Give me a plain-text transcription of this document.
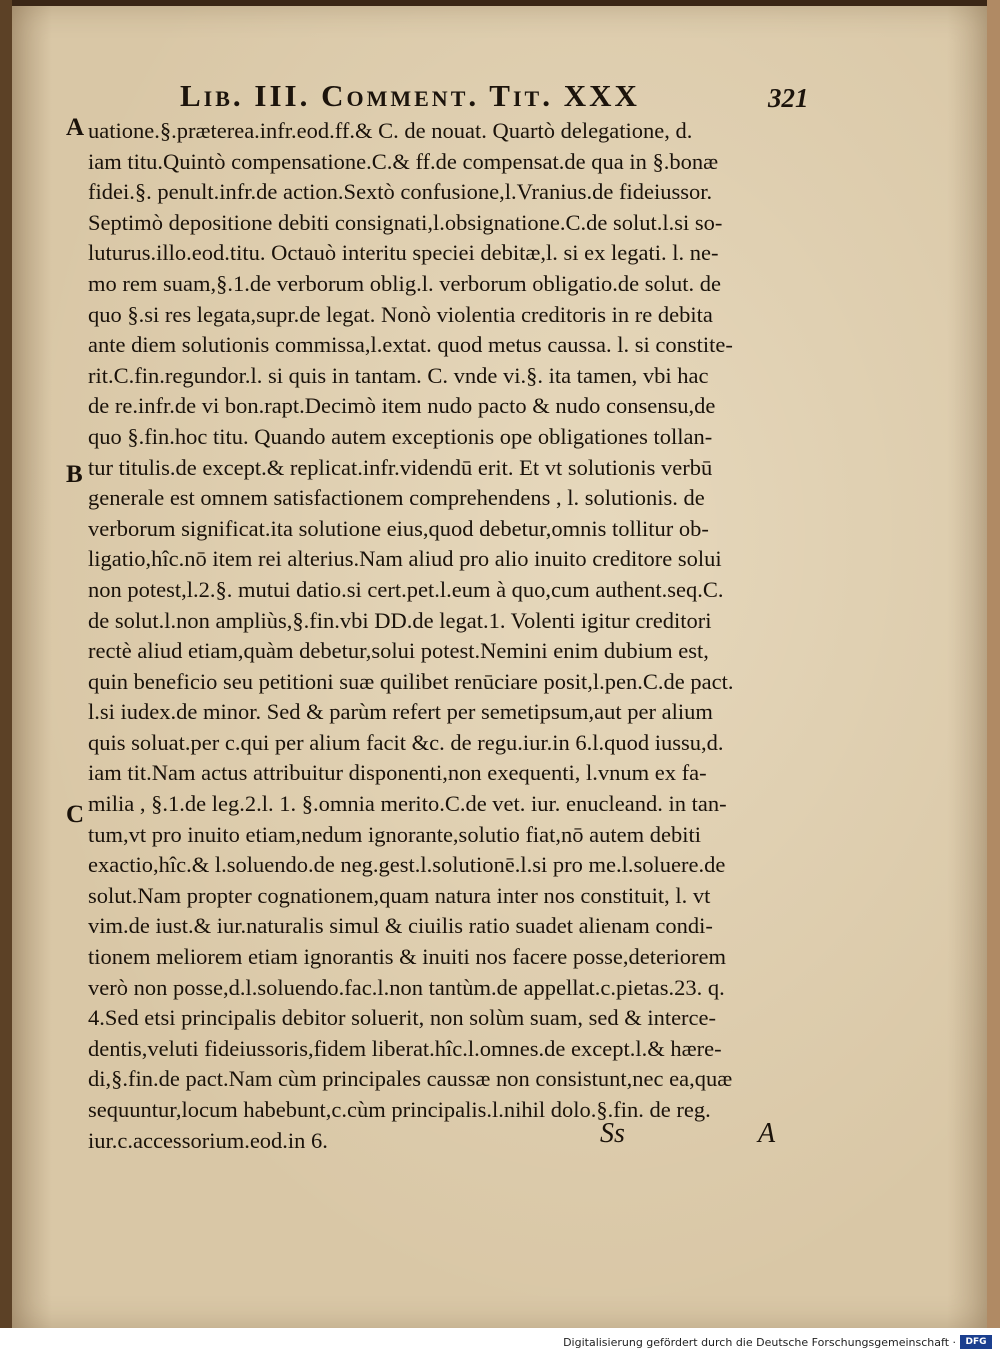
Lib. III. Comment. Tit. XXX	321
A
B
C
uatione.§.præterea.infr.eod.ff.& C. de nouat. Quartò delegatione, d.
iam titu.Quintò compensatione.C.& ff.de compensat.de qua in §.bonæ
fidei.§. penult.infr.de action.Sextò confusione,l.Vranius.de fideiussor.
Septimò depositione debiti consignati,l.obsignatione.C.de solut.l.si so-
luturus.illo.eod.titu. Octauò interitu speciei debitæ,l. si ex legati. l. ne-
mo rem suam,§.1.de verborum oblig.l. verborum obligatio.de solut. de
quo §.si res legata,supr.de legat. Nonò violentia creditoris in re debita
ante diem solutionis commissa,l.extat. quod metus caussa. l. si constite-
rit.C.fin.regundor.l. si quis in tantam. C. vnde vi.§. ita tamen, vbi hac
de re.infr.de vi bon.rapt.Decimò item nudo pacto & nudo consensu,de
quo §.fin.hoc titu. Quando autem exceptionis ope obligationes tollan-
tur titulis.de except.& replicat.infr.videndū erit. Et vt solutionis verbū
generale est omnem satisfactionem comprehendens , l. solutionis. de
verborum significat.ita solutione eius,quod debetur,omnis tollitur ob-
ligatio,hîc.nō item rei alterius.Nam aliud pro alio inuito creditore solui
non potest,l.2.§. mutui datio.si cert.pet.l.eum à quo,cum authent.seq.C.
de solut.l.non ampliùs,§.fin.vbi DD.de legat.1. Volenti igitur creditori
rectè aliud etiam,quàm debetur,solui potest.Nemini enim dubium est,
quin beneficio seu petitioni suæ quilibet renūciare posit,l.pen.C.de pact.
l.si iudex.de minor. Sed & parùm refert per semetipsum,aut per alium
quis soluat.per c.qui per alium facit &c. de regu.iur.in 6.l.quod iussu,d.
iam tit.Nam actus attribuitur disponenti,non exequenti, l.vnum ex fa-
milia , §.1.de leg.2.l. 1. §.omnia merito.C.de vet. iur. enucleand. in tan-
tum,vt pro inuito etiam,nedum ignorante,solutio fiat,nō autem debiti
exactio,hîc.& l.soluendo.de neg.gest.l.solutionē.l.si pro me.l.soluere.de
solut.Nam propter cognationem,quam natura inter nos constituit, l. vt
vim.de iust.& iur.naturalis simul & ciuilis ratio suadet alienam condi-
tionem meliorem etiam ignorantis & inuiti nos facere posse,deteriorem
verò non posse,d.l.soluendo.fac.l.non tantùm.de appellat.c.pietas.23. q.
4.Sed etsi principalis debitor soluerit, non solùm suam, sed & interce-
dentis,veluti fideiussoris,fidem liberat.hîc.l.omnes.de except.l.& hære-
di,§.fin.de pact.Nam cùm principales caussæ non consistunt,nec ea,quæ
sequuntur,locum habebunt,c.cùm principalis.l.nihil dolo.§.fin. de reg.
iur.c.accessorium.eod.in 6.	Ss	A
Digitalisierung gefördert durch die Deutsche Forschungsgemeinschaft ·	DFG
